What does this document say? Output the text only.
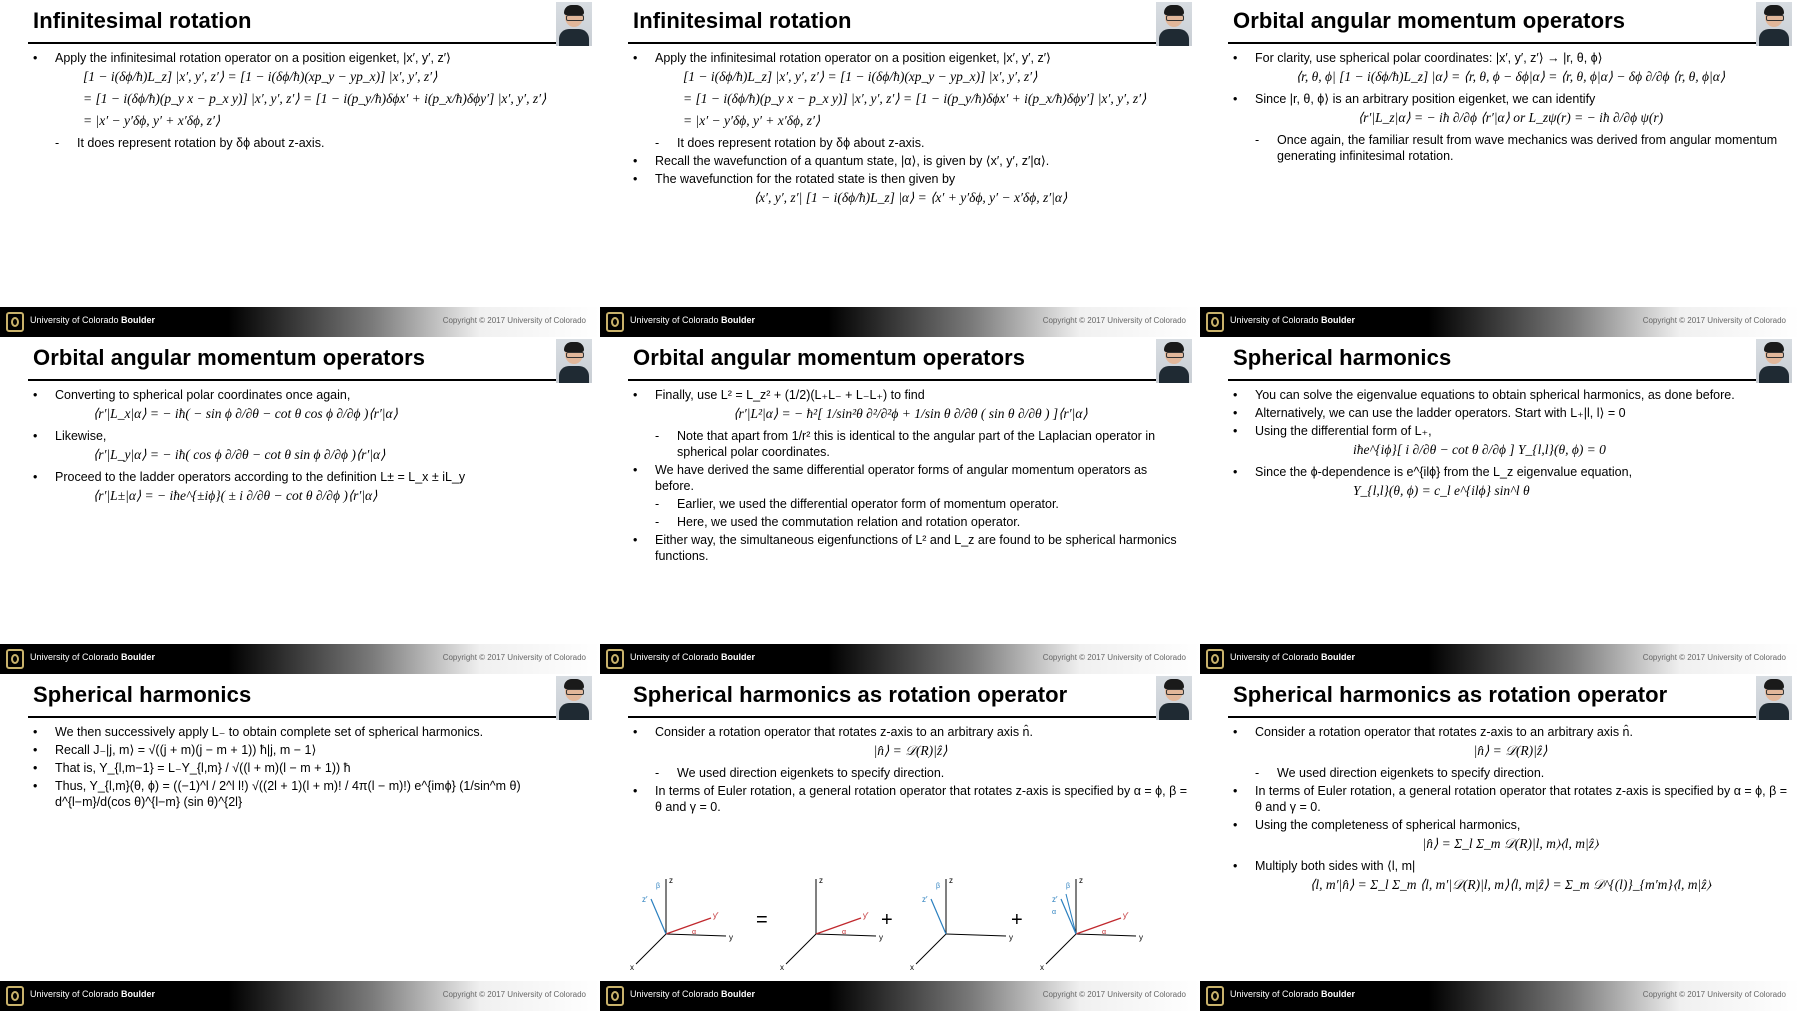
Infinitesimal rotation
• Apply the infinitesimal rotation operator on a position eigenket, |x′, y′, z′⟩
[1 − i(δϕ/ħ)L_z] |x′, y′, z′⟩ = [1 − i(δϕ/ħ)(xp_y − yp_x)] |x′, y′, z′⟩
= [1 − i(δϕ/ħ)(p_y x − p_x y)] |x′, y′, z′⟩ = [1 − i(p_y/ħ)δϕx′ + i(p_x/ħ)δϕy′] |x′, y′, z′⟩
= |x′ − y′δϕ, y′ + x′δϕ, z′⟩
- It does represent rotation by δϕ about z-axis.
University of Colorado Boulder	Copyright © 2017 University of Colorado
Infinitesimal rotation
• Apply the infinitesimal rotation operator on a position eigenket, |x′, y′, z′⟩
[1 − i(δϕ/ħ)L_z] |x′, y′, z′⟩ = [1 − i(δϕ/ħ)(xp_y − yp_x)] |x′, y′, z′⟩
= [1 − i(δϕ/ħ)(p_y x − p_x y)] |x′, y′, z′⟩ = [1 − i(p_y/ħ)δϕx′ + i(p_x/ħ)δϕy′] |x′, y′, z′⟩
= |x′ − y′δϕ, y′ + x′δϕ, z′⟩
- It does represent rotation by δϕ about z-axis.
• Recall the wavefunction of a quantum state, |α⟩, is given by ⟨x′, y′, z′|α⟩.
• The wavefunction for the rotated state is then given by
⟨x′, y′, z′| [1 − i(δϕ/ħ)L_z] |α⟩ = ⟨x′ + y′δϕ, y′ − x′δϕ, z′|α⟩
University of Colorado Boulder	Copyright © 2017 University of Colorado
Orbital angular momentum operators
• For clarity, use spherical polar coordinates: |x′, y′, z′⟩ → |r, θ, ϕ⟩
⟨r, θ, ϕ| [1 − i(δϕ/ħ)L_z] |α⟩ = ⟨r, θ, ϕ − δϕ|α⟩ = ⟨r, θ, ϕ|α⟩ − δϕ ∂/∂ϕ ⟨r, θ, ϕ|α⟩
• Since |r, θ, ϕ⟩ is an arbitrary position eigenket, we can identify
⟨r′|L_z|α⟩ = − iħ ∂/∂ϕ ⟨r′|α⟩ or L_zψ(r) = − iħ ∂/∂ϕ ψ(r)
- Once again, the familiar result from wave mechanics was derived from angular momentum generating infinitesimal rotation.
University of Colorado Boulder	Copyright © 2017 University of Colorado
Orbital angular momentum operators
• Converting to spherical polar coordinates once again,
⟨r′|L_x|α⟩ = − iħ( − sin ϕ ∂/∂θ − cot θ cos ϕ ∂/∂ϕ )⟨r′|α⟩
• Likewise,
⟨r′|L_y|α⟩ = − iħ( cos ϕ ∂/∂θ − cot θ sin ϕ ∂/∂ϕ )⟨r′|α⟩
• Proceed to the ladder operators according to the definition L± = L_x ± iL_y
⟨r′|L±|α⟩ = − iħe^{±iϕ}( ± i ∂/∂θ − cot θ ∂/∂ϕ )⟨r′|α⟩
University of Colorado Boulder	Copyright © 2017 University of Colorado
Orbital angular momentum operators
• Finally, use L² = L_z² + (1/2)(L₊L₋ + L₋L₊) to find
⟨r′|L²|α⟩ = − ħ²[ 1/sin²θ ∂²/∂²ϕ + 1/sin θ ∂/∂θ ( sin θ ∂/∂θ ) ]⟨r′|α⟩
- Note that apart from 1/r² this is identical to the angular part of the Laplacian operator in spherical polar coordinates.
• We have derived the same differential operator forms of angular momentum operators as before.
- Earlier, we used the differential operator form of momentum operator.
- Here, we used the commutation relation and rotation operator.
• Either way, the simultaneous eigenfunctions of L² and L_z are found to be spherical harmonics functions.
University of Colorado Boulder	Copyright © 2017 University of Colorado
Spherical harmonics
• You can solve the eigenvalue equations to obtain spherical harmonics, as done before.
• Alternatively, we can use the ladder operators. Start with L₊|l, l⟩ = 0
• Using the differential form of L₊,
iħe^{iϕ}[ i ∂/∂θ − cot θ ∂/∂ϕ ] Y_{l,l}(θ, ϕ) = 0
• Since the ϕ-dependence is e^{ilϕ} from the L_z eigenvalue equation,
Y_{l,l}(θ, ϕ) = c_l e^{ilϕ} sin^l θ
University of Colorado Boulder	Copyright © 2017 University of Colorado
Spherical harmonics
• We then successively apply L₋ to obtain complete set of spherical harmonics.
• Recall J₋|j, m⟩ = √((j + m)(j − m + 1)) ħ|j, m − 1⟩
• That is, Y_{l,m−1} = L₋Y_{l,m} / √((l + m)(l − m + 1)) ħ
• Thus, Y_{l,m}(θ, ϕ) = ((−1)^l / 2^l l!) √((2l + 1)(l + m)! / 4π(l − m)!) e^{imϕ} (1/sin^m θ) d^{l−m}/d(cos θ)^{l−m} (sin θ)^{2l}
University of Colorado Boulder	Copyright © 2017 University of Colorado
Spherical harmonics as rotation operator
• Consider a rotation operator that rotates z-axis to an arbitrary axis n̂.
|n̂⟩ = 𝒟(R)|ẑ⟩
- We used direction eigenkets to specify direction.
• In terms of Euler rotation, a general rotation operator that rotates z-axis is specified by α = ϕ, β = θ and γ = 0.
z
y
x
y′
α
z′
β
=
z
y
x
y′
α
+
z
y
x
z′
β
+
z
y
x
y′
α
z′
β
α
University of Colorado Boulder	Copyright © 2017 University of Colorado
Spherical harmonics as rotation operator
• Consider a rotation operator that rotates z-axis to an arbitrary axis n̂.
|n̂⟩ = 𝒟(R)|ẑ⟩
- We used direction eigenkets to specify direction.
• In terms of Euler rotation, a general rotation operator that rotates z-axis is specified by α = ϕ, β = θ and γ = 0.
• Using the completeness of spherical harmonics,
|n̂⟩ = Σ_l Σ_m 𝒟(R)|l, m⟩⟨l, m|ẑ⟩
• Multiply both sides with ⟨l, m|
⟨l, m′|n̂⟩ = Σ_l Σ_m ⟨l, m′|𝒟(R)|l, m⟩⟨l, m|ẑ⟩ = Σ_m 𝒟^{(l)}_{m′m}⟨l, m|ẑ⟩
University of Colorado Boulder	Copyright © 2017 University of Colorado
